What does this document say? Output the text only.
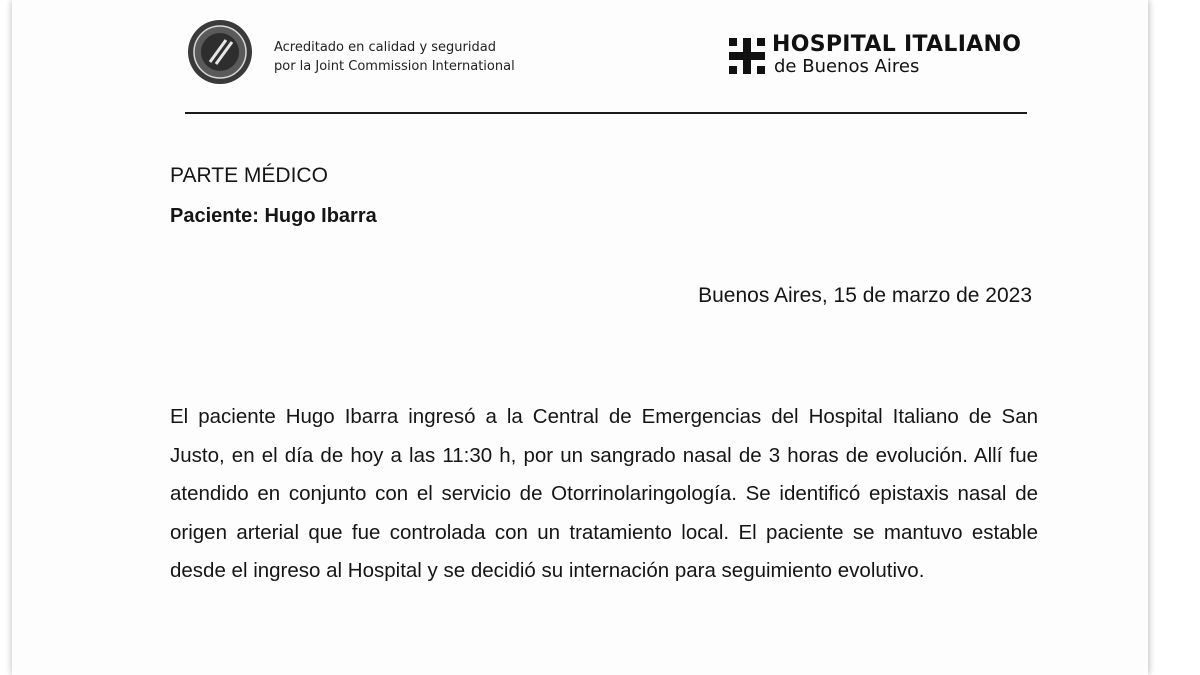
Acreditado en calidad y seguridad
por la Joint Commission International
HOSPITAL ITALIANO
de Buenos Aires
PARTE MÉDICO
Paciente: Hugo Ibarra
Buenos Aires, 15 de marzo de 2023

El paciente Hugo Ibarra ingresó a la Central de Emergencias del Hospital Italiano de San Justo, en el día de hoy a las 11:30 h, por un sangrado nasal de 3 horas de evolución. Allí fue atendido en conjunto con el servicio de Otorrinolaringología. Se identificó epistaxis nasal de origen arterial que fue controlada con un tratamiento local. El paciente se mantuvo estable desde el ingreso al Hospital y se decidió su internación para seguimiento evolutivo.
